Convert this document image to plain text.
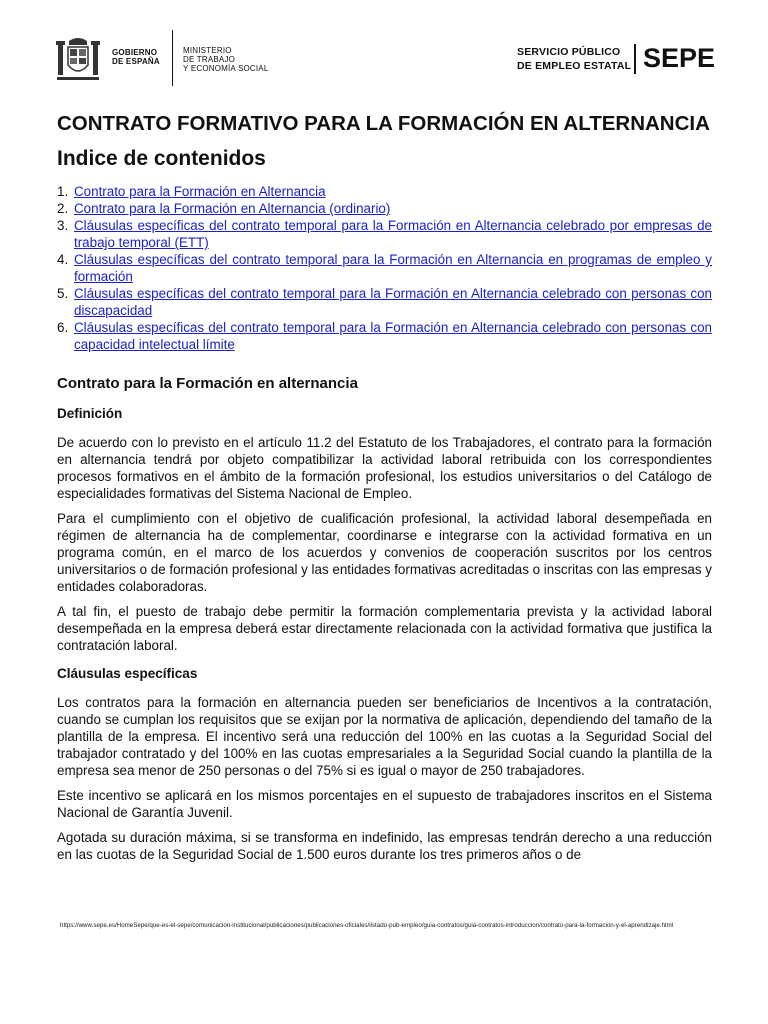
GOBIERNO
DE ESPAÑA
MINISTERIO
DE TRABAJO
Y ECONOMÍA SOCIAL
SERVICIO PÚBLICO
DE EMPLEO ESTATAL SEPE
CONTRATO FORMATIVO PARA LA FORMACIÓN EN ALTERNANCIA
Indice de contenidos
1. Contrato para la Formación en Alternancia
2. Contrato para la Formación en Alternancia (ordinario)
3. Cláusulas específicas del contrato temporal para la Formación en Alternancia celebrado por empresas de trabajo temporal (ETT)
4. Cláusulas específicas del contrato temporal para la Formación en Alternancia en programas de empleo y formación
5. Cláusulas específicas del contrato temporal para la Formación en Alternancia celebrado con personas con discapacidad
6. Cláusulas específicas del contrato temporal para la Formación en Alternancia celebrado con personas con capacidad intelectual límite
Contrato para la Formación en alternancia
Definición

De acuerdo con lo previsto en el artículo 11.2 del Estatuto de los Trabajadores, el contrato para la formación en alternancia tendrá por objeto compatibilizar la actividad laboral retribuida con los correspondientes procesos formativos en el ámbito de la formación profesional, los estudios universitarios o del Catálogo de especialidades formativas del Sistema Nacional de Empleo.

Para el cumplimiento con el objetivo de cualificación profesional, la actividad laboral desempeñada en régimen de alternancia ha de complementar, coordinarse e integrarse con la actividad formativa en un programa común, en el marco de los acuerdos y convenios de cooperación suscritos por los centros universitarios o de formación profesional y las entidades formativas acreditadas o inscritas con las empresas y entidades colaboradoras.

A tal fin, el puesto de trabajo debe permitir la formación complementaria prevista y la actividad laboral desempeñada en la empresa deberá estar directamente relacionada con la actividad formativa que justifica la contratación laboral.

Cláusulas específicas

Los contratos para la formación en alternancia pueden ser beneficiarios de Incentivos a la contratación, cuando se cumplan los requisitos que se exijan por la normativa de aplicación, dependiendo del tamaño de la plantilla de la empresa. El incentivo será una reducción del 100% en las cuotas a la Seguridad Social del trabajador contratado y del 100% en las cuotas empresariales a la Seguridad Social cuando la plantilla de la empresa sea menor de 250 personas o del 75% si es igual o mayor de 250 trabajadores.

Este incentivo se aplicará en los mismos porcentajes en el supuesto de trabajadores inscritos en el Sistema Nacional de Garantía Juvenil.

Agotada su duración máxima, si se transforma en indefinido, las empresas tendrán derecho a una reducción en las cuotas de la Seguridad Social de 1.500 euros durante los tres primeros años o de

https://www.sepe.es/HomeSepe/que-es-el-sepe/comunicacion-institucional/publicaciones/publicaciones-oficiales/listado-pub-empleo/guia-contratos/guia-contratos-introduccion/contrato-para-la-formacion-y-el-aprendizaje.html
